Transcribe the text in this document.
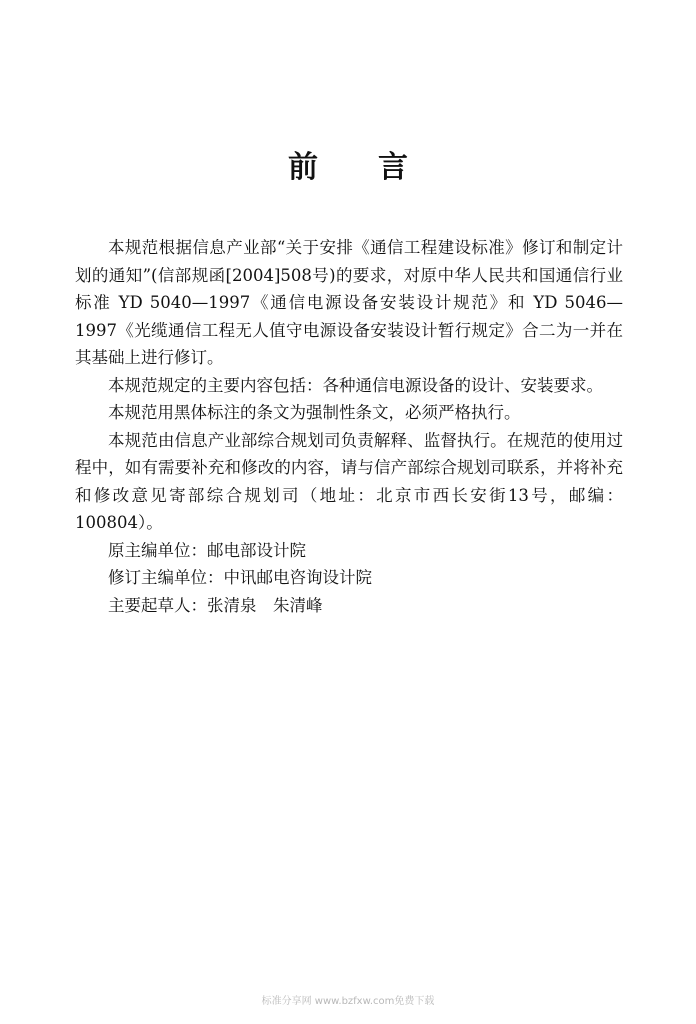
前 言

本规范根据信息产业部“关于安排《通信工程建设标准》修订和制定计划的通知”(信部规函[2004]508号)的要求，对原中华人民共和国通信行业标准 YD 5040—1997《通信电源设备安装设计规范》和 YD 5046—1997《光缆通信工程无人值守电源设备安装设计暂行规定》合二为一并在其基础上进行修订。

本规范规定的主要内容包括：各种通信电源设备的设计、安装要求。

本规范用黑体标注的条文为强制性条文，必须严格执行。

本规范由信息产业部综合规划司负责解释、监督执行。在规范的使用过程中，如有需要补充和修改的内容，请与信产部综合规划司联系，并将补充和修改意见寄部综合规划司（地址：北京市西长安街13号，邮编：100804）。

原主编单位：邮电部设计院

修订主编单位：中讯邮电咨询设计院

主要起草人：张清泉　朱清峰

标准分享网 www.bzfxw.com免费下载
